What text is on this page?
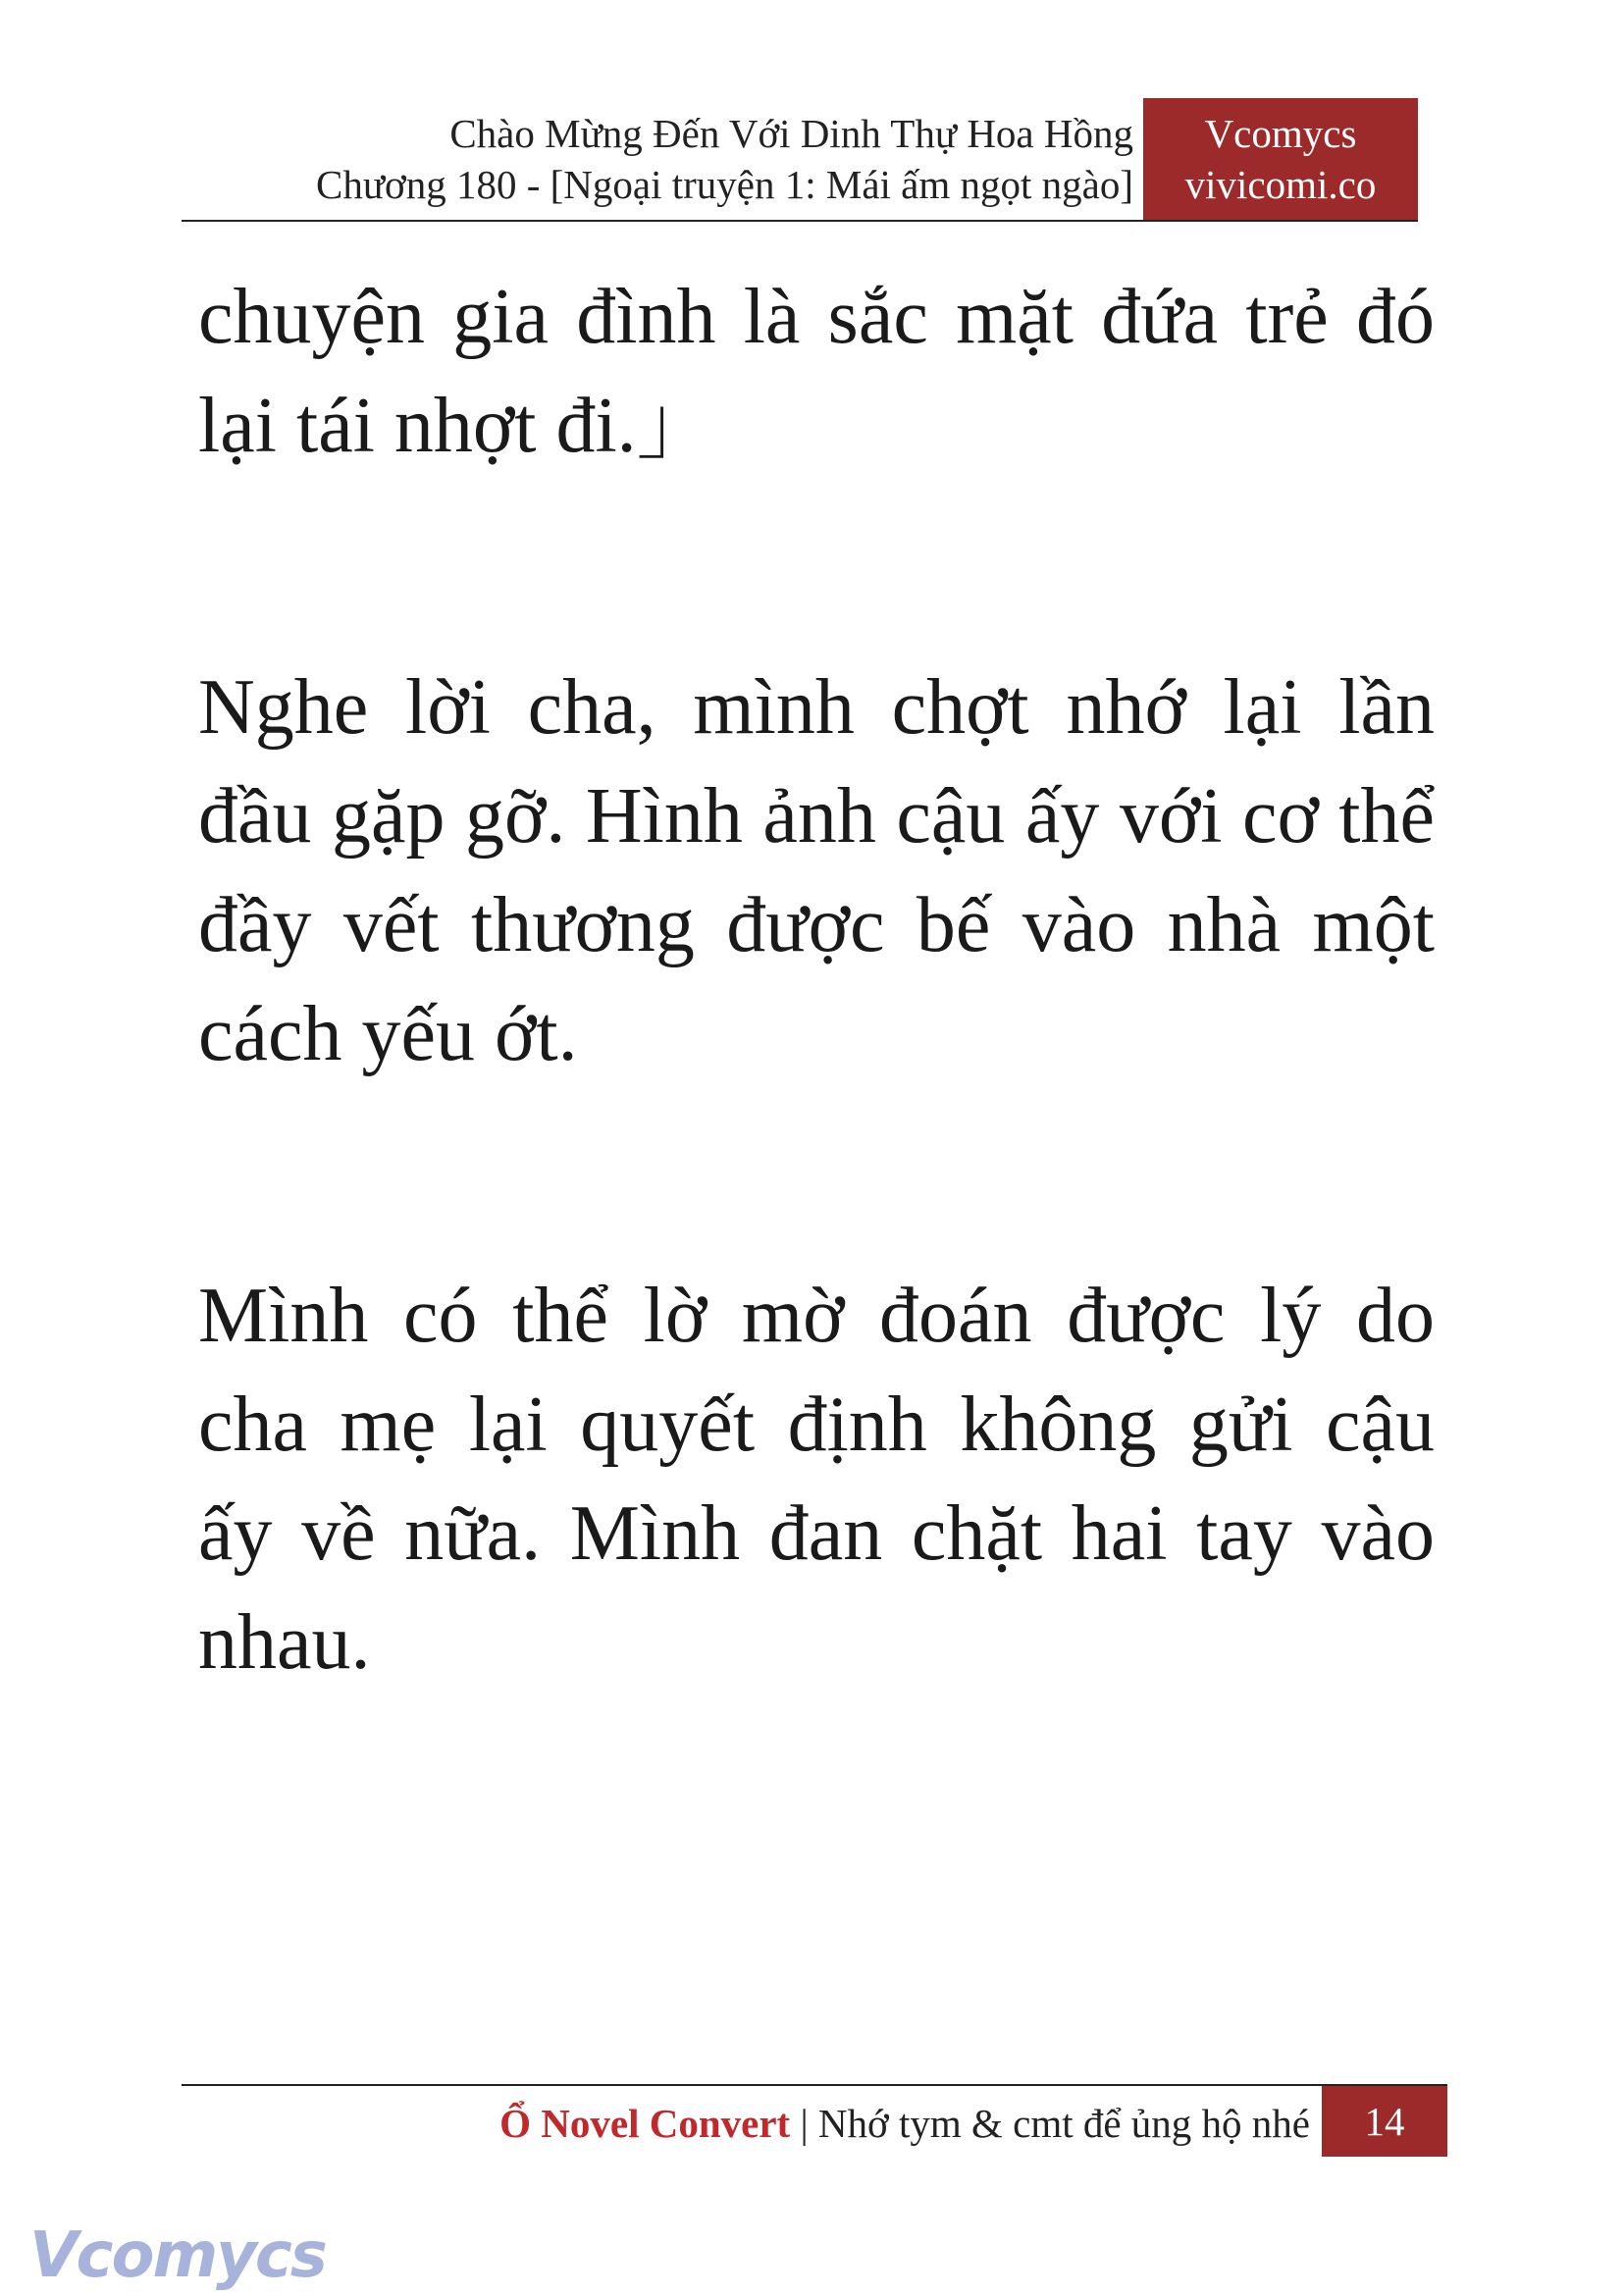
Chào Mừng Đến Với Dinh Thự Hoa Hồng
Chương 180 - [Ngoại truyện 1: Mái ấm ngọt ngào]
Vcomycs
vivicomi.co

chuyện gia đình là sắc mặt đứa trẻ đó lại tái nhợt đi.」

Nghe lời cha, mình chợt nhớ lại lần đầu gặp gỡ. Hình ảnh cậu ấy với cơ thể đầy vết thương được bế vào nhà một cách yếu ớt.

Mình có thể lờ mờ đoán được lý do cha mẹ lại quyết định không gửi cậu ấy về nữa. Mình đan chặt hai tay vào nhau.

Ổ Novel Convert | Nhớ tym & cmt để ủng hộ nhé	14
Vcomycs
